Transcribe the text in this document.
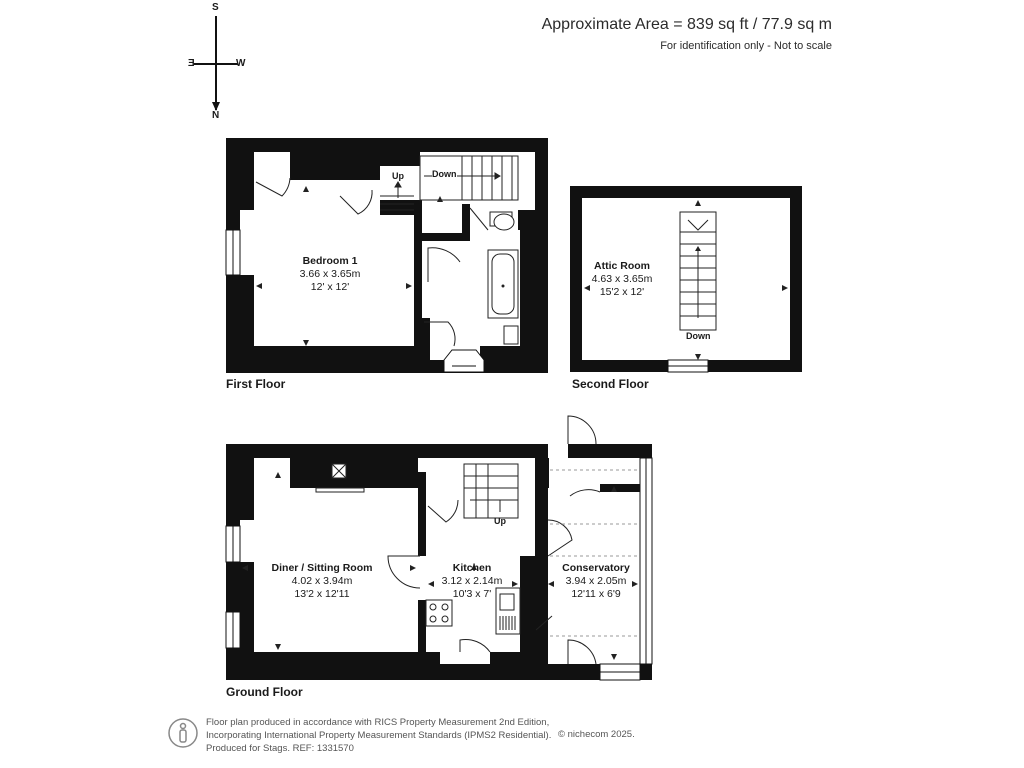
Approximate Area = 839 sq ft / 77.9 sq m
For identification only - Not to scale
S
W
E
N
First Floor	Second Floor
Ground Floor
Bedroom 1
3.66 x 3.65m
12' x 12'
Attic Room
4.63 x 3.65m
15'2 x 12'
Diner / Sitting Room
4.02 x 3.94m
13'2 x 12'11
Kitchen
3.12 x 2.14m
10'3 x 7'
Conservatory
3.94 x 2.05m
12'11 x 6'9
Up	Down
Down
Up
Floor plan produced in accordance with RICS Property Measurement 2nd Edition,
Incorporating International Property Measurement Standards (IPMS2 Residential).
Produced for Stags. REF: 1331570
© nichecom 2025.
